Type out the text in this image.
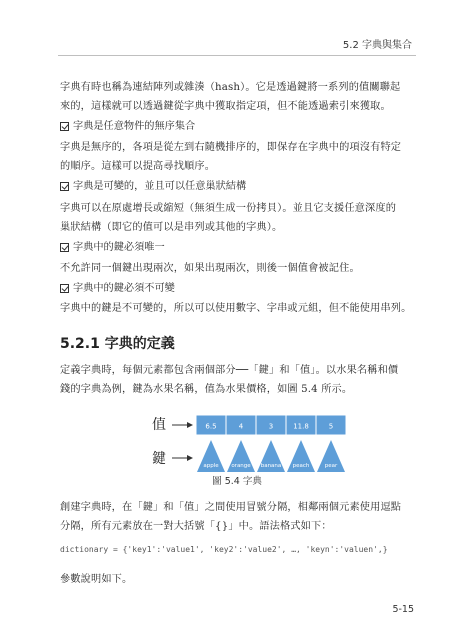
5.2 字典與集合
字典有時也稱為連結陣列或雜湊（hash）。它是透過鍵將一系列的值關聯起
來的，這樣就可以透過鍵從字典中獲取指定項，但不能透過索引來獲取。
字典是任意物件的無序集合
字典是無序的，各項是從左到右隨機排序的，即保存在字典中的項沒有特定
的順序。這樣可以提高尋找順序。
字典是可變的，並且可以任意巢狀結構
字典可以在原處增長或縮短（無須生成一份拷貝）。並且它支援任意深度的
巢狀結構（即它的值可以是串列或其他的字典）。
字典中的鍵必須唯一
不允許同一個鍵出現兩次，如果出現兩次，則後一個值會被記住。
字典中的鍵必須不可變
字典中的鍵是不可變的，所以可以使用數字、字串或元組，但不能使用串列。
5.2.1 字典的定義
定義字典時，每個元素都包含兩個部分──「鍵」和「值」。以水果名稱和價
錢的字典為例，鍵為水果名稱，值為水果價格，如圖 5.4 所示。
值
鍵
6.5	4	3	11.8	5
apple orange banana peach	pear
圖 5.4 字典
創建字典時，在「鍵」和「值」之間使用冒號分隔，相鄰兩個元素使用逗點
分隔，所有元素放在一對大括號「{}」中。語法格式如下：
dictionary = {'key1':'value1', 'key2':'value2', …, 'keyn':'valuen',}
參數說明如下。
5-15
